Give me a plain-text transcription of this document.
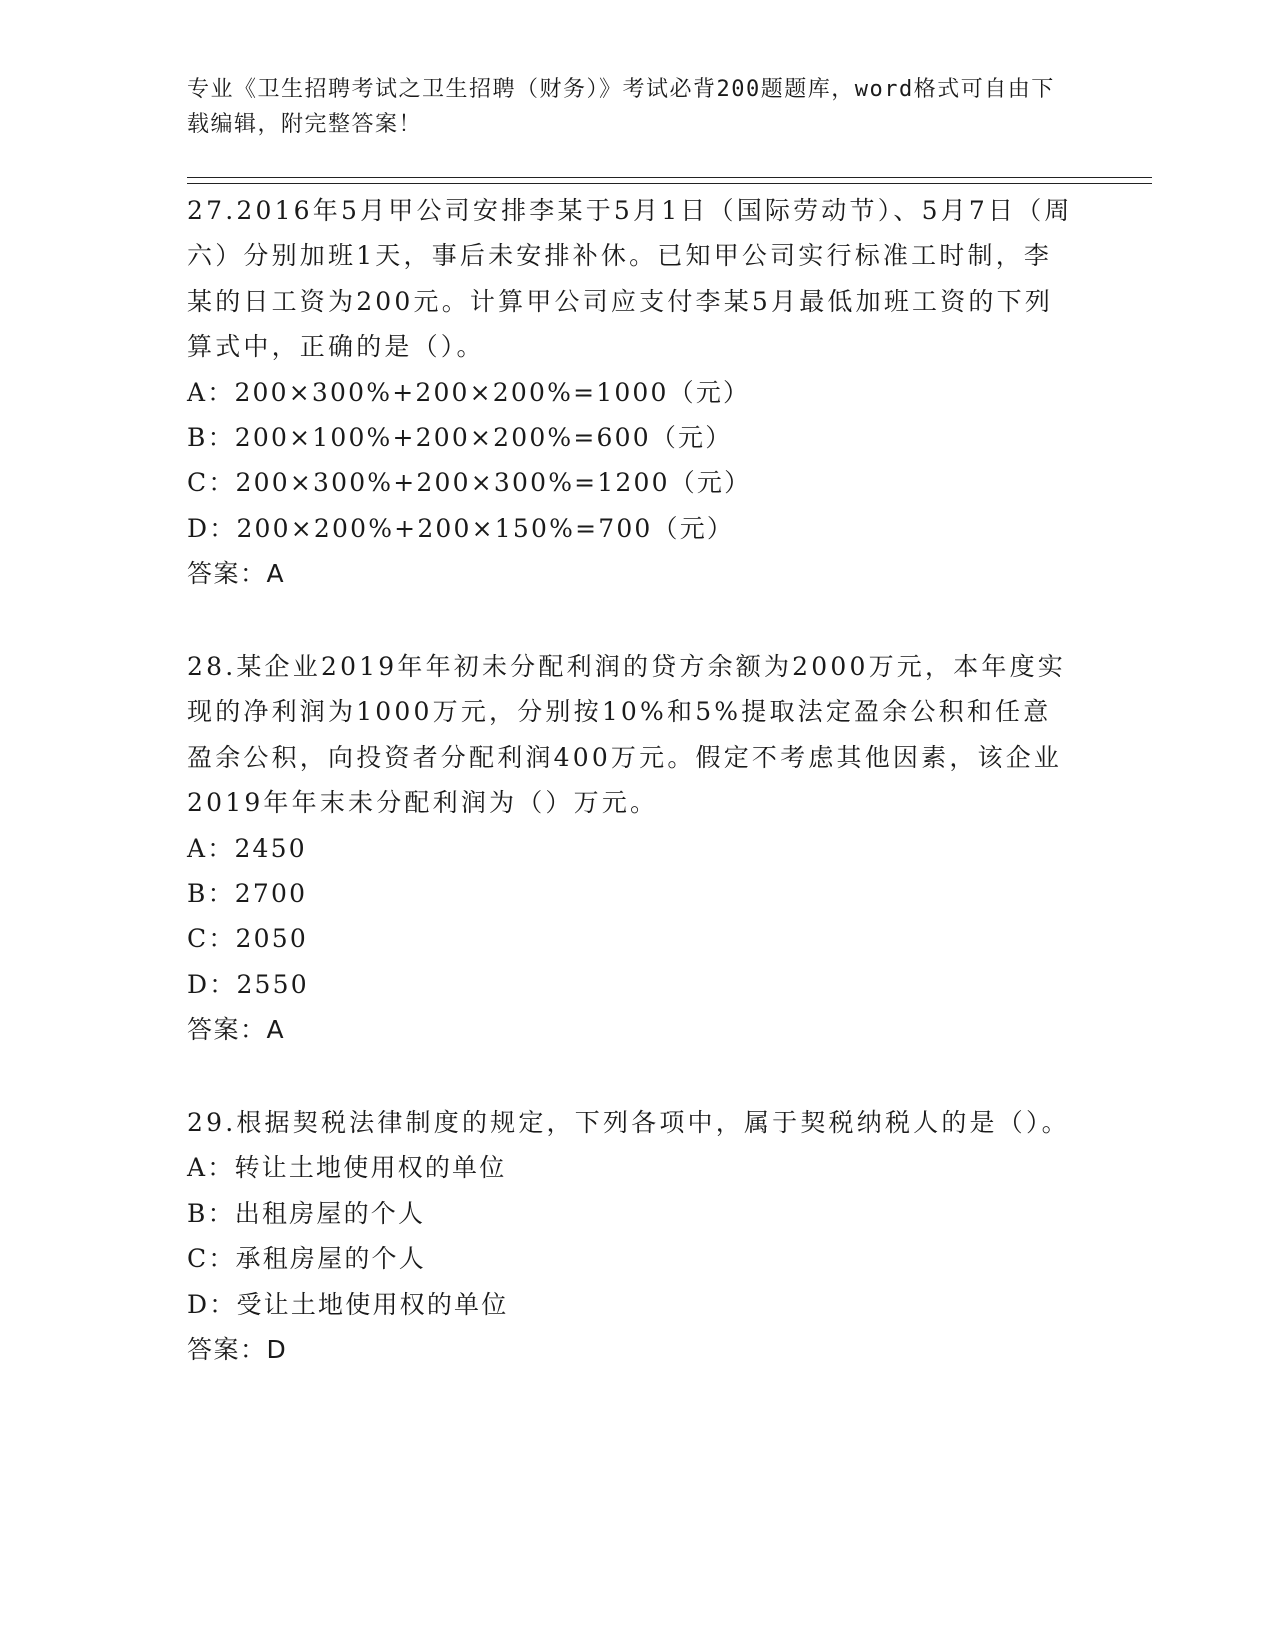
专业《卫生招聘考试之卫生招聘（财务）》考试必背200题题库，word格式可自由下载编辑，附完整答案！

27.2016年5月甲公司安排李某于5月1日（国际劳动节）、5月7日（周六）分别加班1天，事后未安排补休。已知甲公司实行标准工时制，李某的日工资为200元。计算甲公司应支付李某5月最低加班工资的下列算式中，正确的是（）。

A：200×300%+200×200%=1000（元）

B：200×100%+200×200%=600（元）

C：200×300%+200×300%=1200（元）

D：200×200%+200×150%=700（元）

答案：A

28.某企业2019年年初未分配利润的贷方余额为2000万元，本年度实现的净利润为1000万元，分别按10%和5%提取法定盈余公积和任意盈余公积，向投资者分配利润400万元。假定不考虑其他因素，该企业2019年年末未分配利润为（）万元。

A：2450

B：2700

C：2050

D：2550

答案：A

29.根据契税法律制度的规定，下列各项中，属于契税纳税人的是（）。

A：转让土地使用权的单位

B：出租房屋的个人

C：承租房屋的个人

D：受让土地使用权的单位

答案：D
